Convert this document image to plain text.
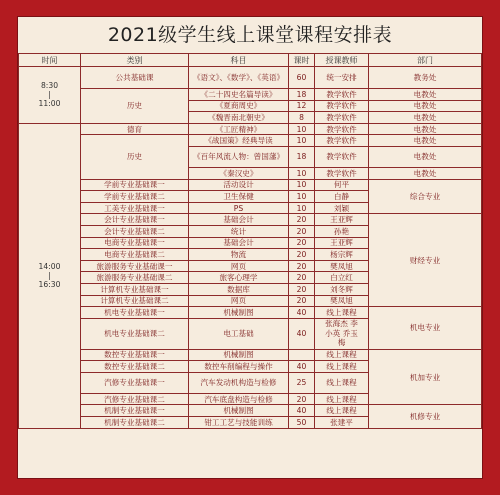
2021级学生线上课堂课程安排表
时间	类别	科目	课时	授课教师	部门

8:30
|
11:00	公共基础课	《语文》、《数学》、《英语》	60	统一安排	教务处
	历史	《二十四史名篇导读》	18	教学软件	电教处
		《夏商周史》	12	教学软件	电教处
		《魏晋南北朝史》	8	教学软件	电教处

14:00
|
16:30	德育	《工匠精神》	10	教学软件	电教处
	历史	《战国策》经典导读	10	教学软件	电教处
		《百年风流人物：曾国藩》	18	教学软件	电教处
		《秦汉史》	10	教学软件	电教处
	学前专业基础课一	活动设计	10	何平	综合专业
	学前专业基础课二	卫生保健	10	白静	
	工美专业基础课一	PS	10	刘颖	
	会计专业基础课一	基础会计	20	王亚辉	财经专业
	会计专业基础课二	统计	20	孙艳	
	电商专业基础课一	基础会计	20	王亚辉	
	电商专业基础课二	物流	20	杨宗辉	
	旅游服务专业基础课一	网页	20	樊凤旭	
	旅游服务专业基础课二	旅客心理学	20	白立红	
	计算机专业基础课一	数据库	20	刘冬辉	
	计算机专业基础课二	网页	20	樊凤旭	
	机电专业基础课一	机械制图	40	线上课程	机电专业
	机电专业基础课二	电工基础	40	张海杰 李小英 乔玉梅	
	数控专业基础课一	机械制图		线上课程	机加专业
	数控专业基础课二	数控车削编程与操作	40	线上课程	
	汽修专业基础课一	汽车发动机构造与检修	25	线上课程	
	汽修专业基础课二	汽车底盘构造与检修	20	线上课程	
	机制专业基础课一	机械制图	40	线上课程	机修专业
	机制专业基础课二	钳工工艺与技能训练	50	张建平	
